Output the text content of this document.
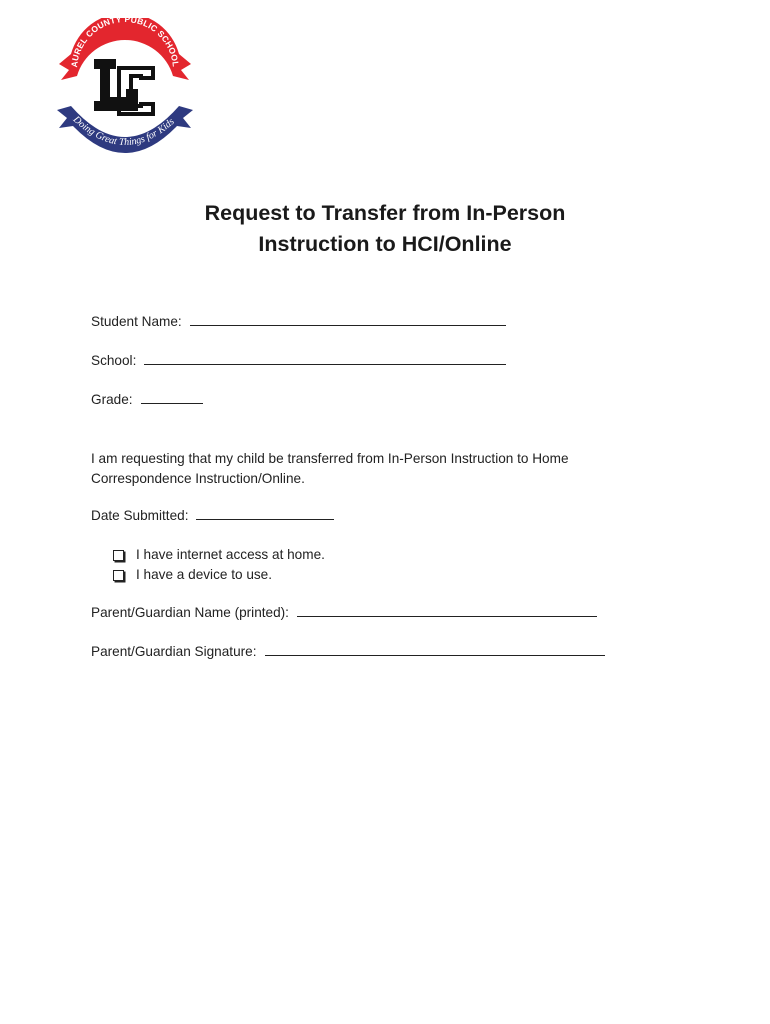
AUREL COUNTY PUBLIC SCHOOL
Doing Great Things for Kids
Request to Transfer from In-Person
Instruction to HCI/Online
Student Name:
School:
Grade:
I am requesting that my child be transferred from In-Person Instruction to Home
Correspondence Instruction/Online.
Date Submitted:
I have internet access at home.
I have a device to use.
Parent/Guardian Name (printed):
Parent/Guardian Signature:
